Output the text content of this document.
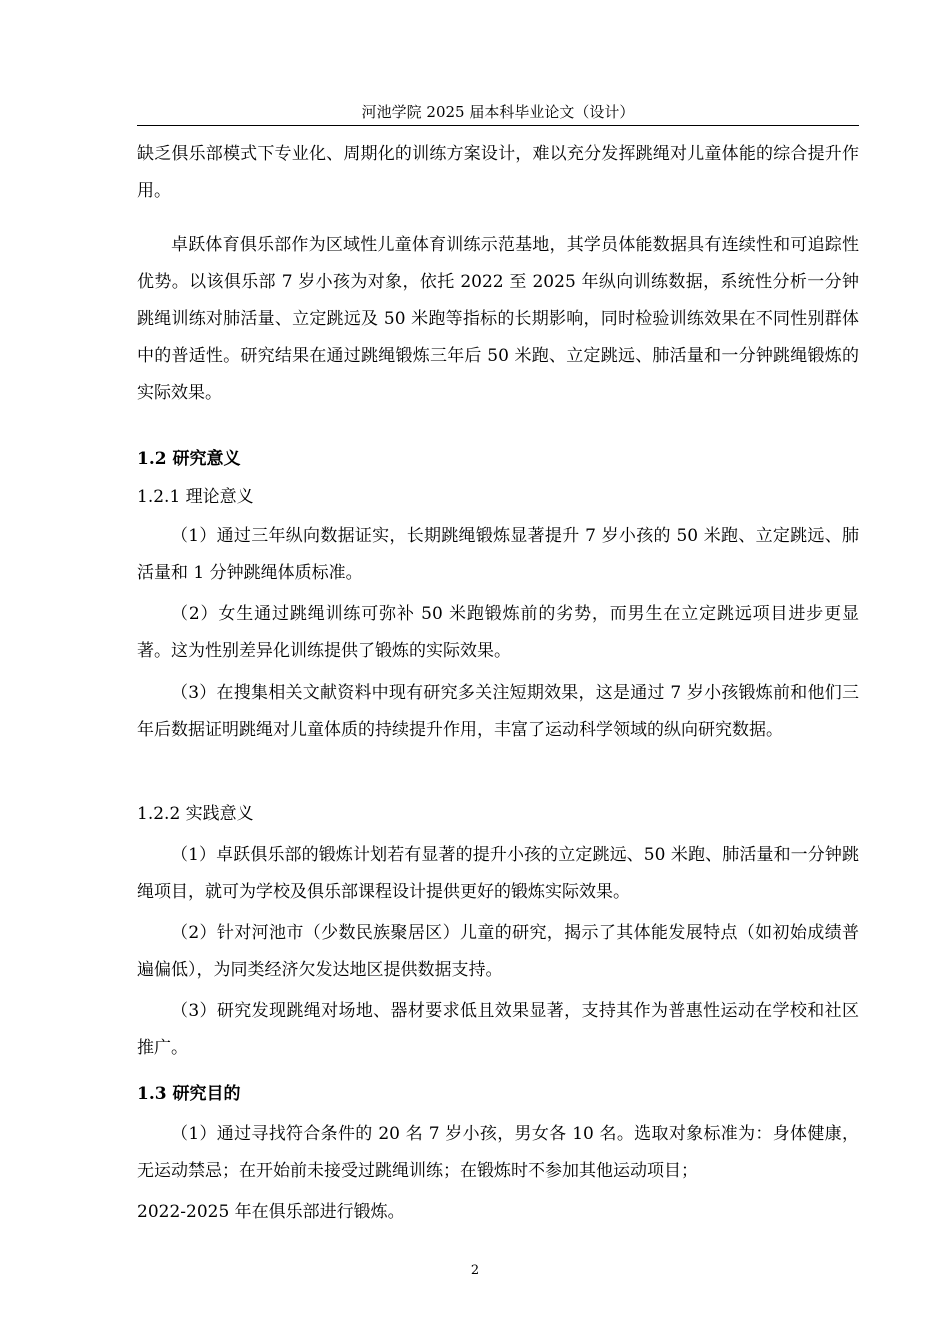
河池学院 2025 届本科毕业论文（设计）

缺乏俱乐部模式下专业化、周期化的训练方案设计，难以充分发挥跳绳对儿童体能的综合提升作用。

卓跃体育俱乐部作为区域性儿童体育训练示范基地，其学员体能数据具有连续性和可追踪性优势。以该俱乐部 7 岁小孩为对象，依托 2022 至 2025 年纵向训练数据，系统性分析一分钟跳绳训练对肺活量、立定跳远及 50 米跑等指标的长期影响，同时检验训练效果在不同性别群体中的普适性。研究结果在通过跳绳锻炼三年后 50 米跑、立定跳远、肺活量和一分钟跳绳锻炼的实际效果。

1.2 研究意义
1.2.1 理论意义

（1）通过三年纵向数据证实，长期跳绳锻炼显著提升 7 岁小孩的 50 米跑、立定跳远、肺活量和 1 分钟跳绳体质标准。

（2）女生通过跳绳训练可弥补 50 米跑锻炼前的劣势，而男生在立定跳远项目进步更显著。这为性别差异化训练提供了锻炼的实际效果。

（3）在搜集相关文献资料中现有研究多关注短期效果，这是通过 7 岁小孩锻炼前和他们三年后数据证明跳绳对儿童体质的持续提升作用，丰富了运动科学领域的纵向研究数据。

1.2.2 实践意义

（1）卓跃俱乐部的锻炼计划若有显著的提升小孩的立定跳远、50 米跑、肺活量和一分钟跳绳项目，就可为学校及俱乐部课程设计提供更好的锻炼实际效果。

（2）针对河池市（少数民族聚居区）儿童的研究，揭示了其体能发展特点（如初始成绩普遍偏低），为同类经济欠发达地区提供数据支持。

（3）研究发现跳绳对场地、器材要求低且效果显著，支持其作为普惠性运动在学校和社区推广。

1.3 研究目的

（1）通过寻找符合条件的 20 名 7 岁小孩，男女各 10 名。选取对象标准为：身体健康，无运动禁忌；在开始前未接受过跳绳训练；在锻炼时不参加其他运动项目；

2022-2025 年在俱乐部进行锻炼。

2
